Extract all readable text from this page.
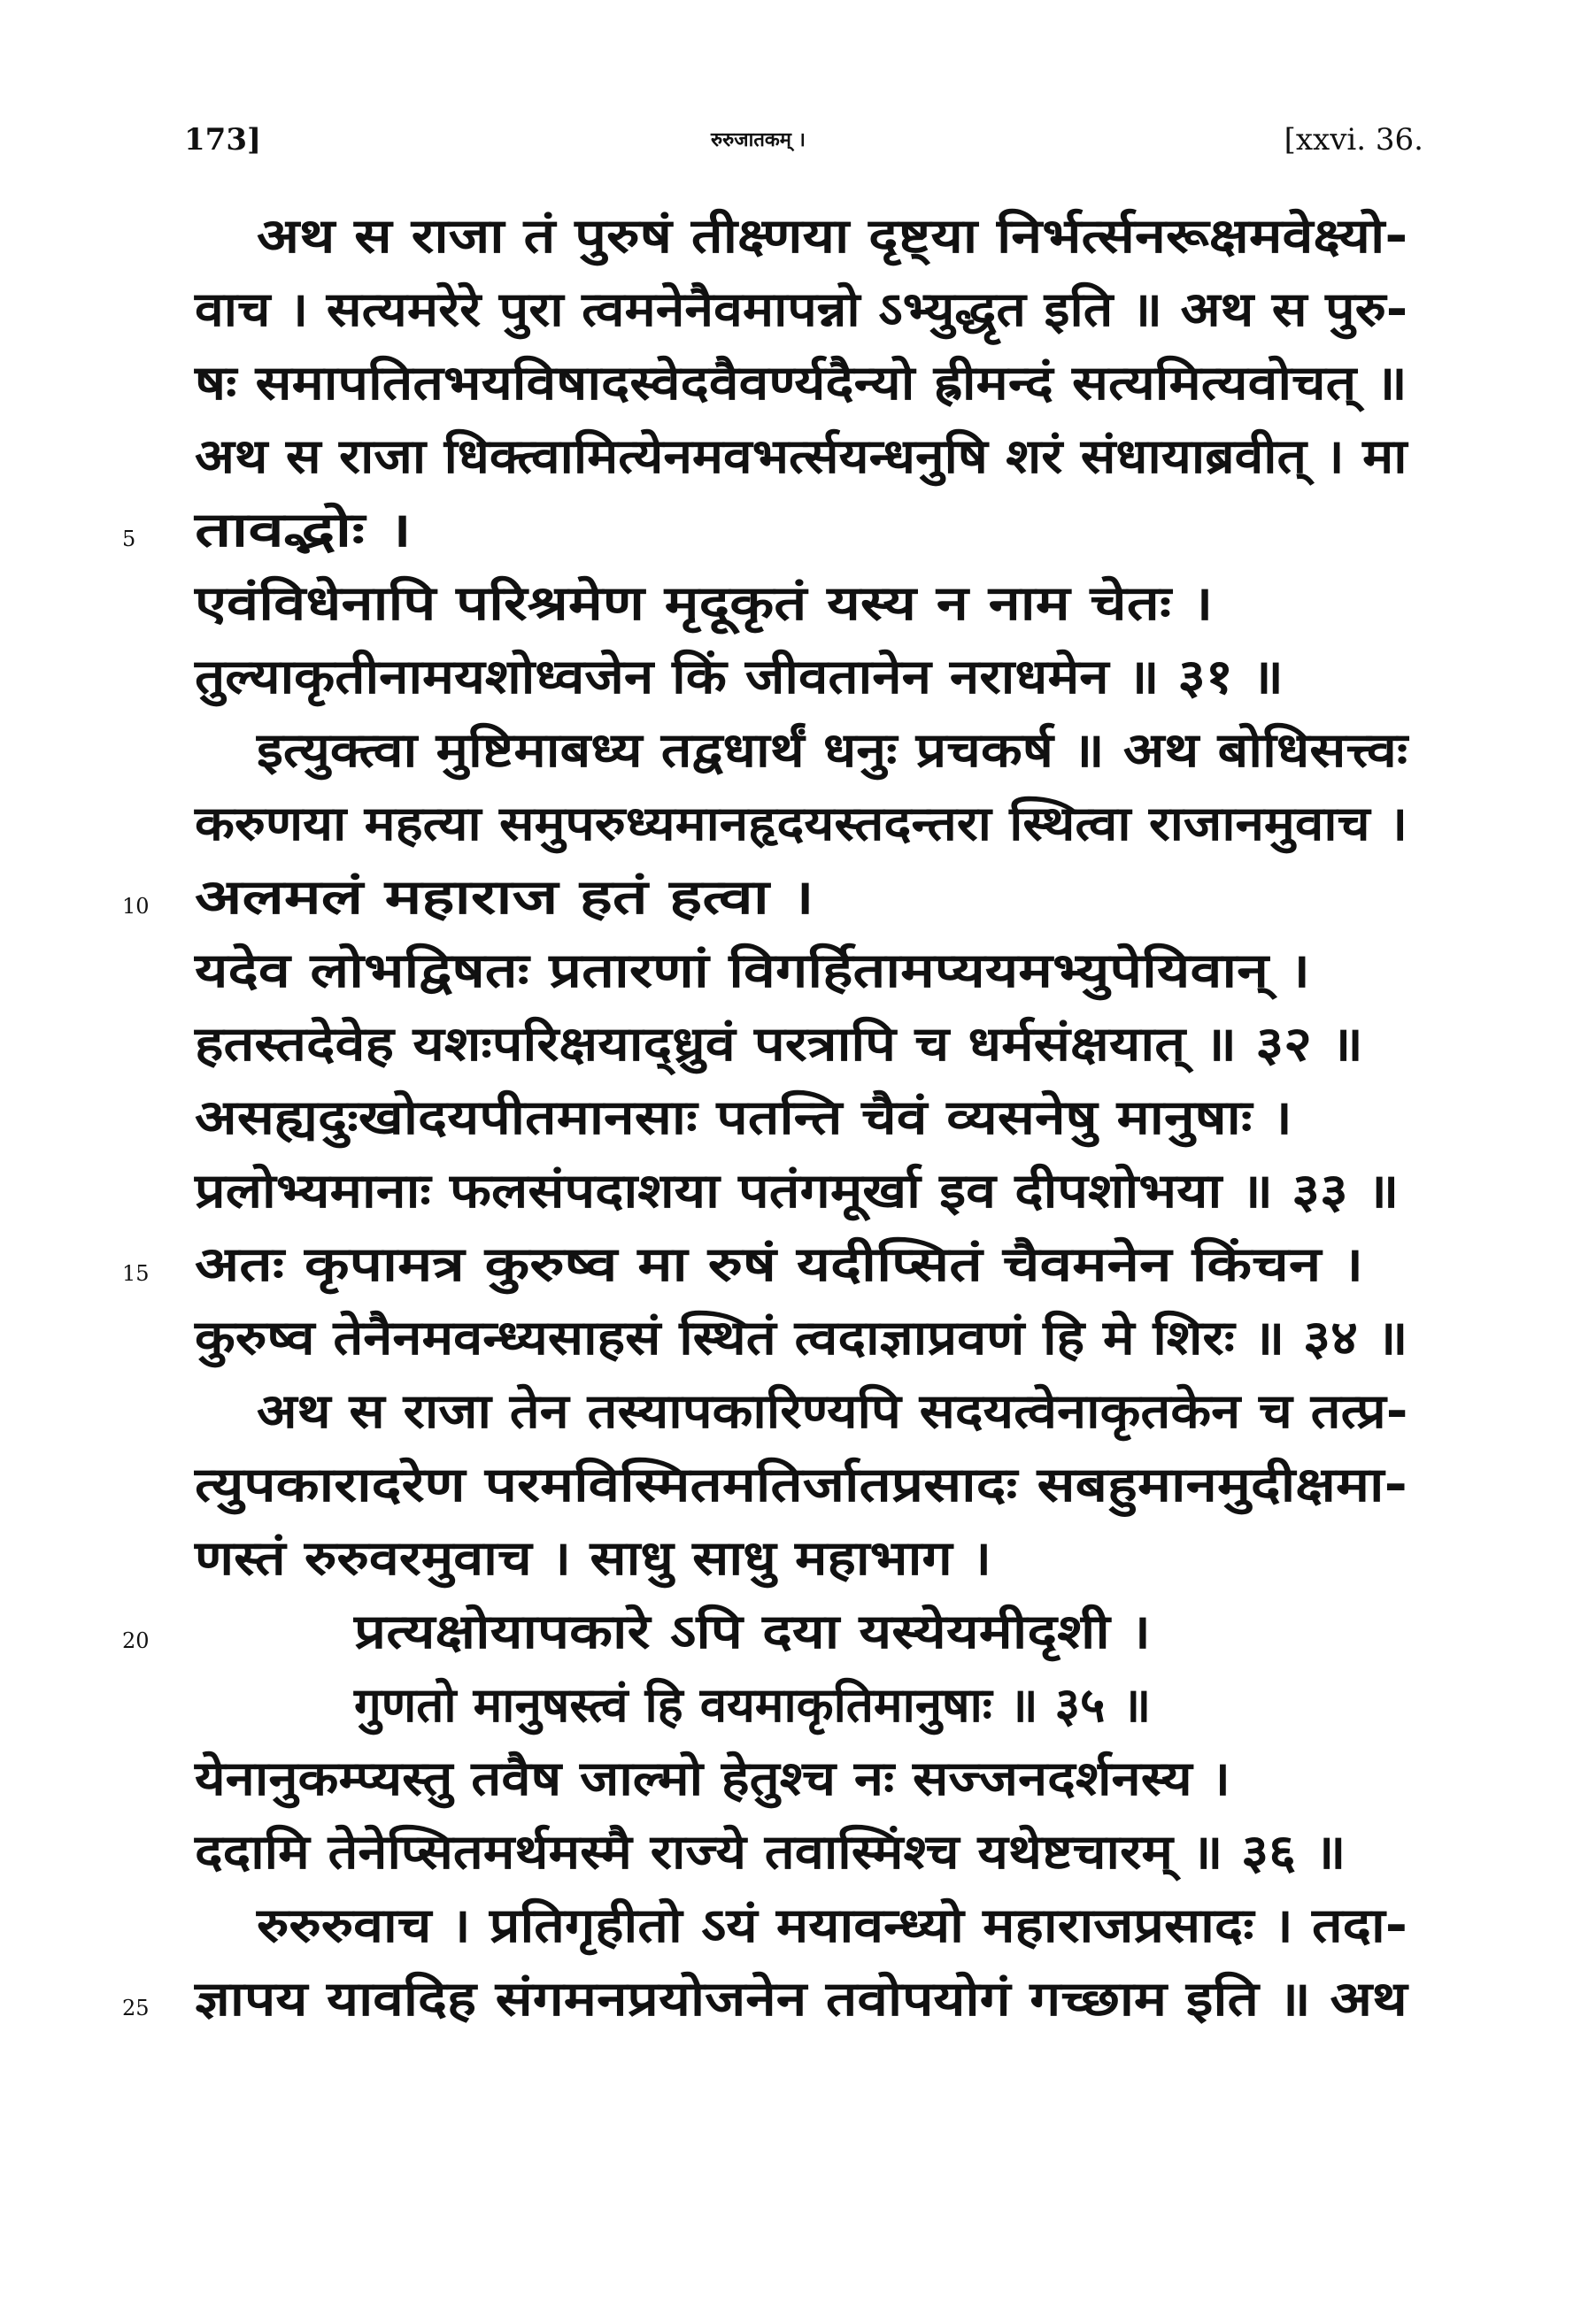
173]	रुरुजातकम् ।	[xxvi. 36.
अथ स राजा तं पुरुषं तीक्ष्णया दृष्ट्या निर्भर्त्सनरूक्षमवेक्ष्यो-
वाच । सत्यमरेरे पुरा त्वमनेनैवमापन्नो ऽभ्युद्धृत इति ॥ अथ स पुरु-
षः समापतितभयविषादस्वेदवैवर्ण्यदैन्यो ह्रीमन्दं सत्यमित्यवोचत् ॥
अथ स राजा धिक्त्वामित्येनमवभर्त्सयन्धनुषि शरं संधायाब्रवीत् । मा
5 तावद्भोः ।
एवंविधेनापि परिश्रमेण मृदूकृतं यस्य न नाम चेतः ।
तुल्याकृतीनामयशोध्वजेन किं जीवतानेन नराधमेन ॥ ३१ ॥
इत्युक्त्वा मुष्टिमाबध्य तद्वधार्थं धनुः प्रचकर्ष ॥ अथ बोधिसत्त्वः
करुणया महत्या समुपरुध्यमानहृदयस्तदन्तरा स्थित्वा राजानमुवाच ।
10 अलमलं महाराज हतं हत्वा ।
यदेव लोभद्विषतः प्रतारणां विगर्हितामप्ययमभ्युपेयिवान् ।
हतस्तदेवेह यशःपरिक्षयाद्ध्रुवं परत्रापि च धर्मसंक्षयात् ॥ ३२ ॥
असह्यदुःखोदयपीतमानसाः पतन्ति चैवं व्यसनेषु मानुषाः ।
प्रलोभ्यमानाः फलसंपदाशया पतंगमूर्खा इव दीपशोभया ॥ ३३ ॥
15 अतः कृपामत्र कुरुष्व मा रुषं यदीप्सितं चैवमनेन किंचन ।
कुरुष्व तेनैनमवन्ध्यसाहसं स्थितं त्वदाज्ञाप्रवणं हि मे शिरः ॥ ३४ ॥
अथ स राजा तेन तस्यापकारिण्यपि सदयत्वेनाकृतकेन च तत्प्र-
त्युपकारादरेण परमविस्मितमतिर्जातप्रसादः सबहुमानमुदीक्षमा-
णस्तं रुरुवरमुवाच । साधु साधु महाभाग ।
20	प्रत्यक्षोयापकारे ऽपि दया यस्येयमीदृशी ।
गुणतो मानुषस्त्वं हि वयमाकृतिमानुषाः ॥ ३५ ॥
येनानुकम्प्यस्तु तवैष जाल्मो हेतुश्च नः सज्जनदर्शनस्य ।
ददामि तेनेप्सितमर्थमस्मै राज्ये तवास्मिंश्च यथेष्टचारम् ॥ ३६ ॥
रुरुरुवाच । प्रतिगृहीतो ऽयं मयावन्ध्यो महाराजप्रसादः । तदा-
25 ज्ञापय यावदिह संगमनप्रयोजनेन तवोपयोगं गच्छाम इति ॥ अथ
